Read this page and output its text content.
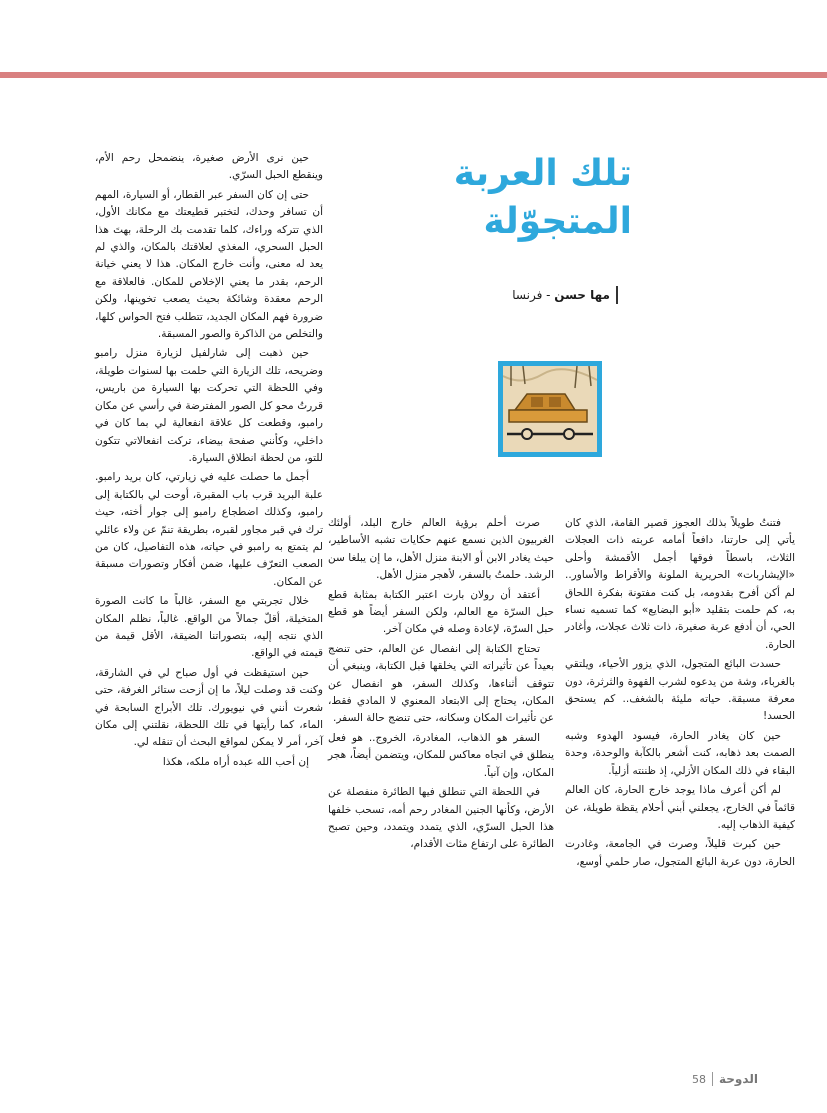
تلك العربة المتجوّلة
مها حسن - فرنسا

فتنتُ طويلاً بذلك العجوز قصير القامة، الذي كان يأتي إلى حارتنا، دافعاً أمامه عربته ذات العجلات الثلاث، باسطاً فوقها أجمل الأقمشة وأحلى «الإيشاربات» الحريرية الملونة والأقراط والأساور.. لم أكن أفرح بقدومه، بل كنت مفتونة بفكرة اللحاق به، كم حلمت بتقليد «أبو البضايع» كما تسميه نساء الحي، أن أدفع عربة صغيرة، ذات ثلاث عجلات، وأغادر الحارة.

حسدت البائع المتجول، الذي يزور الأحياء، ويلتقي بالغرباء، وشة من يدعوه لشرب القهوة والثرثرة، دون معرفة مسبقة. حياته مليئة بالشغف.. كم يستحق الحسد!

حين كان يغادر الحارة، فيسود الهدوء وشبه الصمت بعد ذهابه، كنت أشعر بالكآبة والوحدة، وحدة البقاء في ذلك المكان الأزلي، إذ ظننته أزلياً.

لم أكن أعرف ماذا يوجد خارج الحارة، كان العالم قائماً في الخارج، يجعلني أبني أحلام يقظة طويلة، عن كيفية الذهاب إليه.

حين كبرت قليلاً، وصرت في الجامعة، وغادرت الحارة، دون عربة البائع المتجول، صار حلمي أوسع،

صرت أحلم برؤية العالم خارج البلد، أولئك الغربيون الذين نسمع عنهم حكايات تشبه الأساطير، حيث يغادر الابن أو الابنة منزل الأهل، ما إن يبلغا سن الرشد. حلمتُ بالسفر، لأهجر منزل الأهل.

أعتقد أن رولان بارت اعتبر الكتابة بمثابة قطع حبل السرّة مع العالم، ولكن السفر أيضاً هو قطع حبل السرّة، لإعادة وصله في مكان آخر.

تحتاج الكتابة إلى انفصال عن العالم، حتى تنضج بعيداً عن تأثيراته التي يخلقها قبل الكتابة، وينبغي أن تتوقف أثناءها، وكذلك السفر، هو انفصال عن المكان، يحتاج إلى الابتعاد المعنوي لا المادي فقط، عن تأثيرات المكان وسكانه، حتى تنضج حالة السفر.

السفر هو الذهاب، المغادرة، الخروج.. هو فعل ينطلق في اتجاه معاكس للمكان، ويتضمن أيضاً، هجر المكان، وإن آنياً.

في اللحظة التي تنطلق فيها الطائرة منفصلة عن الأرض، وكأنها الجنين المغادر رحم أمه، تسحب خلفها هذا الحبل السرّي، الذي يتمدد ويتمدد، وحين تصبح الطائرة على ارتفاع مئات الأقدام،

حين نرى الأرض صغيرة، ينضمحل رحم الأم، وينقطع الحبل السرّي.

حتى إن كان السفر عبر القطار، أو السيارة، المهم أن تسافر وحدك، لتختبر قطيعتك مع مكانك الأول، الذي تتركه وراءك، كلما تقدمت بك الرحلة، بهتَ هذا الحبل السحري، المغذي لعلاقتك بالمكان، والذي لم يعد له معنى، وأنت خارج المكان. هذا لا يعني خيانة الرحم، بقدر ما يعني الإخلاص للمكان. فالعلاقة مع الرحم معقدة وشائكة بحيث يصعب تخوينها، ولكن ضرورة فهم المكان الجديد، تتطلب فتح الحواس كلها، والتخلص من الذاكرة والصور المسبقة.

حين ذهبت إلى شارلفيل لزيارة منزل رامبو وضريحه، تلك الزيارة التي حلمت بها لسنوات طويلة، وفي اللحظة التي تحركت بها السيارة من باريس، قررتُ محو كل الصور المفترضة في رأسي عن مكان رامبو، وقطعت كل علاقة انفعالية لي بما كان في داخلي، وكأنني صفحة بيضاء، تركت انفعالاتي تتكون للتو، من لحظة انطلاق السيارة.

أجمل ما حصلت عليه في زيارتي، كان بريد رامبو. علبة البريد قرب باب المقبرة، أوحت لي بالكتابة إلى رامبو، وكذلك اضطجاع رامبو إلى جوار أخته، حيث ترك في قبر مجاور لقبره، بطريقة تنمّ عن ولاء عائلي لم يتمتع به رامبو في حياته، هذه التفاصيل، كان من الصعب التعرّف عليها، ضمن أفكار وتصورات مسبقة عن المكان.

خلال تجربتي مع السفر، غالباً ما كانت الصورة المتخيلة، أقلّ جمالاً من الواقع. غالباً، نظلم المكان الذي نتجه إليه، بتصوراتنا الضيقة، الأقل قيمة من قيمته في الواقع.

حين استيقظت في أول صباح لي في الشارقة، وكنت قد وصلت ليلاً، ما إن أزحت ستائر الغرفة، حتى شعرت أنني في نيويورك. تلك الأبراج السابحة في الماء، كما رأيتها في تلك اللحظة، نقلتني إلى مكان آخر، أمر لا يمكن لمواقع البحث أن تنقله لي.

إن أحب الله عبده أراه ملكه، هكذا

الدوحة
58
